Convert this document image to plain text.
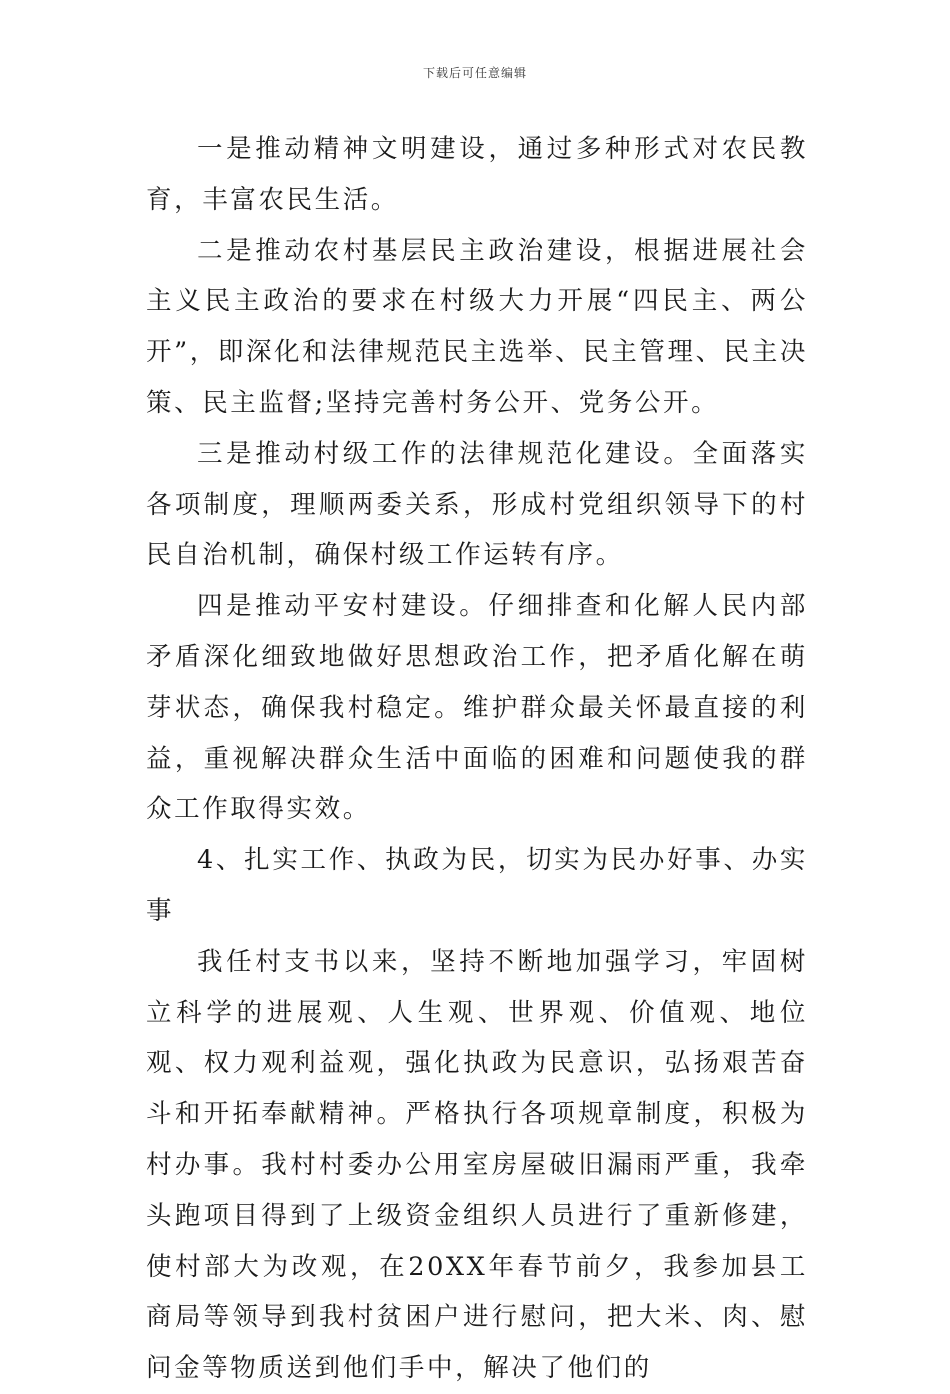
下载后可任意编辑

一是推动精神文明建设，通过多种形式对农民教育，丰富农民生活。

二是推动农村基层民主政治建设，根据进展社会主义民主政治的要求在村级大力开展“四民主、两公开”，即深化和法律规范民主选举、民主管理、民主决策、民主监督;坚持完善村务公开、党务公开。

三是推动村级工作的法律规范化建设。全面落实各项制度，理顺两委关系，形成村党组织领导下的村民自治机制，确保村级工作运转有序。

四是推动平安村建设。仔细排查和化解人民内部矛盾深化细致地做好思想政治工作，把矛盾化解在萌芽状态，确保我村稳定。维护群众最关怀最直接的利益，重视解决群众生活中面临的困难和问题使我的群众工作取得实效。

4、扎实工作、执政为民，切实为民办好事、办实事

我任村支书以来，坚持不断地加强学习，牢固树立科学的进展观、人生观、世界观、价值观、地位观、权力观利益观，强化执政为民意识，弘扬艰苦奋斗和开拓奉献精神。严格执行各项规章制度，积极为村办事。我村村委办公用室房屋破旧漏雨严重，我牵头跑项目得到了上级资金组织人员进行了重新修建，使村部大为改观，在20XX年春节前夕，我参加县工商局等领导到我村贫困户进行慰问，把大米、肉、慰问金等物质送到他们手中，解决了他们的
